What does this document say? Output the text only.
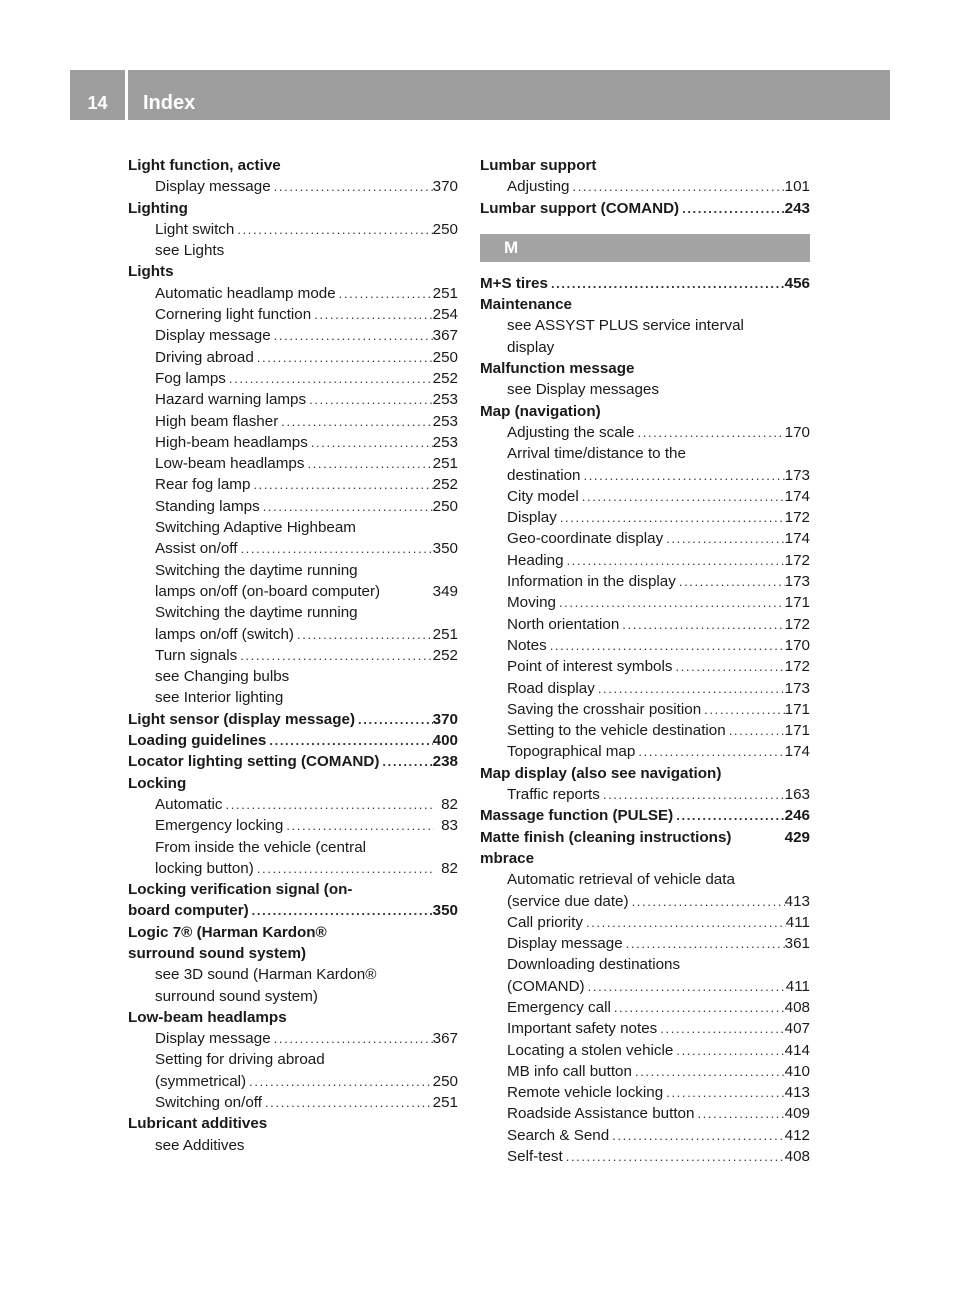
14	Index
Light function, active
Display message . . .	370
Lighting
Light switch . . .	250
see Lights
Lights
Automatic headlamp mode . . .	251
Cornering light function . . .	254
Display message . . .	367
Driving abroad . . .	250
Fog lamps . . .	252
Hazard warning lamps . . .	253
High beam flasher . . .	253
High-beam headlamps . . .	253
Low-beam headlamps . . .	251
Rear fog lamp . . .	252
Standing lamps . . .	250
Switching Adaptive Highbeam
Assist on/off . . .	350
Switching the daytime running
lamps on/off (on-board computer)	349
Switching the daytime running
lamps on/off (switch) . . .	251
Turn signals . . .	252
see Changing bulbs
see Interior lighting
Light sensor (display message) . . .	370
Loading guidelines . . .	400
Locator lighting setting (COMAND) . . .	238
Locking
Automatic . . .	82
Emergency locking . . .	83
From inside the vehicle (central
locking button) . . .	82
Locking verification signal (on-
board computer) . . .	350
Logic 7® (Harman Kardon®
surround sound system)
see 3D sound (Harman Kardon®
surround sound system)
Low-beam headlamps
Display message . . .	367
Setting for driving abroad
(symmetrical) . . .	250
Switching on/off . . .	251
Lubricant additives
see Additives
Lumbar support
Adjusting . . .	101
Lumbar support (COMAND) . . .	243
M
M+S tires . . .	456
Maintenance
see ASSYST PLUS service interval
display
Malfunction message
see Display messages
Map (navigation)
Adjusting the scale . . .	170
Arrival time/distance to the
destination . . .	173
City model . . .	174
Display . . .	172
Geo-coordinate display . . .	174
Heading . . .	172
Information in the display . . .	173
Moving . . .	171
North orientation . . .	172
Notes . . .	170
Point of interest symbols . . .	172
Road display . . .	173
Saving the crosshair position . . .	171
Setting to the vehicle destination . . .	171
Topographical map . . .	174
Map display (also see navigation)
Traffic reports . . .	163
Massage function (PULSE) . . .	246
Matte finish (cleaning instructions)	429
mbrace
Automatic retrieval of vehicle data
(service due date) . . .	413
Call priority . . .	411
Display message . . .	361
Downloading destinations
(COMAND) . . .	411
Emergency call . . .	408
Important safety notes . . .	407
Locating a stolen vehicle . . .	414
MB info call button . . .	410
Remote vehicle locking . . .	413
Roadside Assistance button . . .	409
Search & Send . . .	412
Self-test . . .	408
